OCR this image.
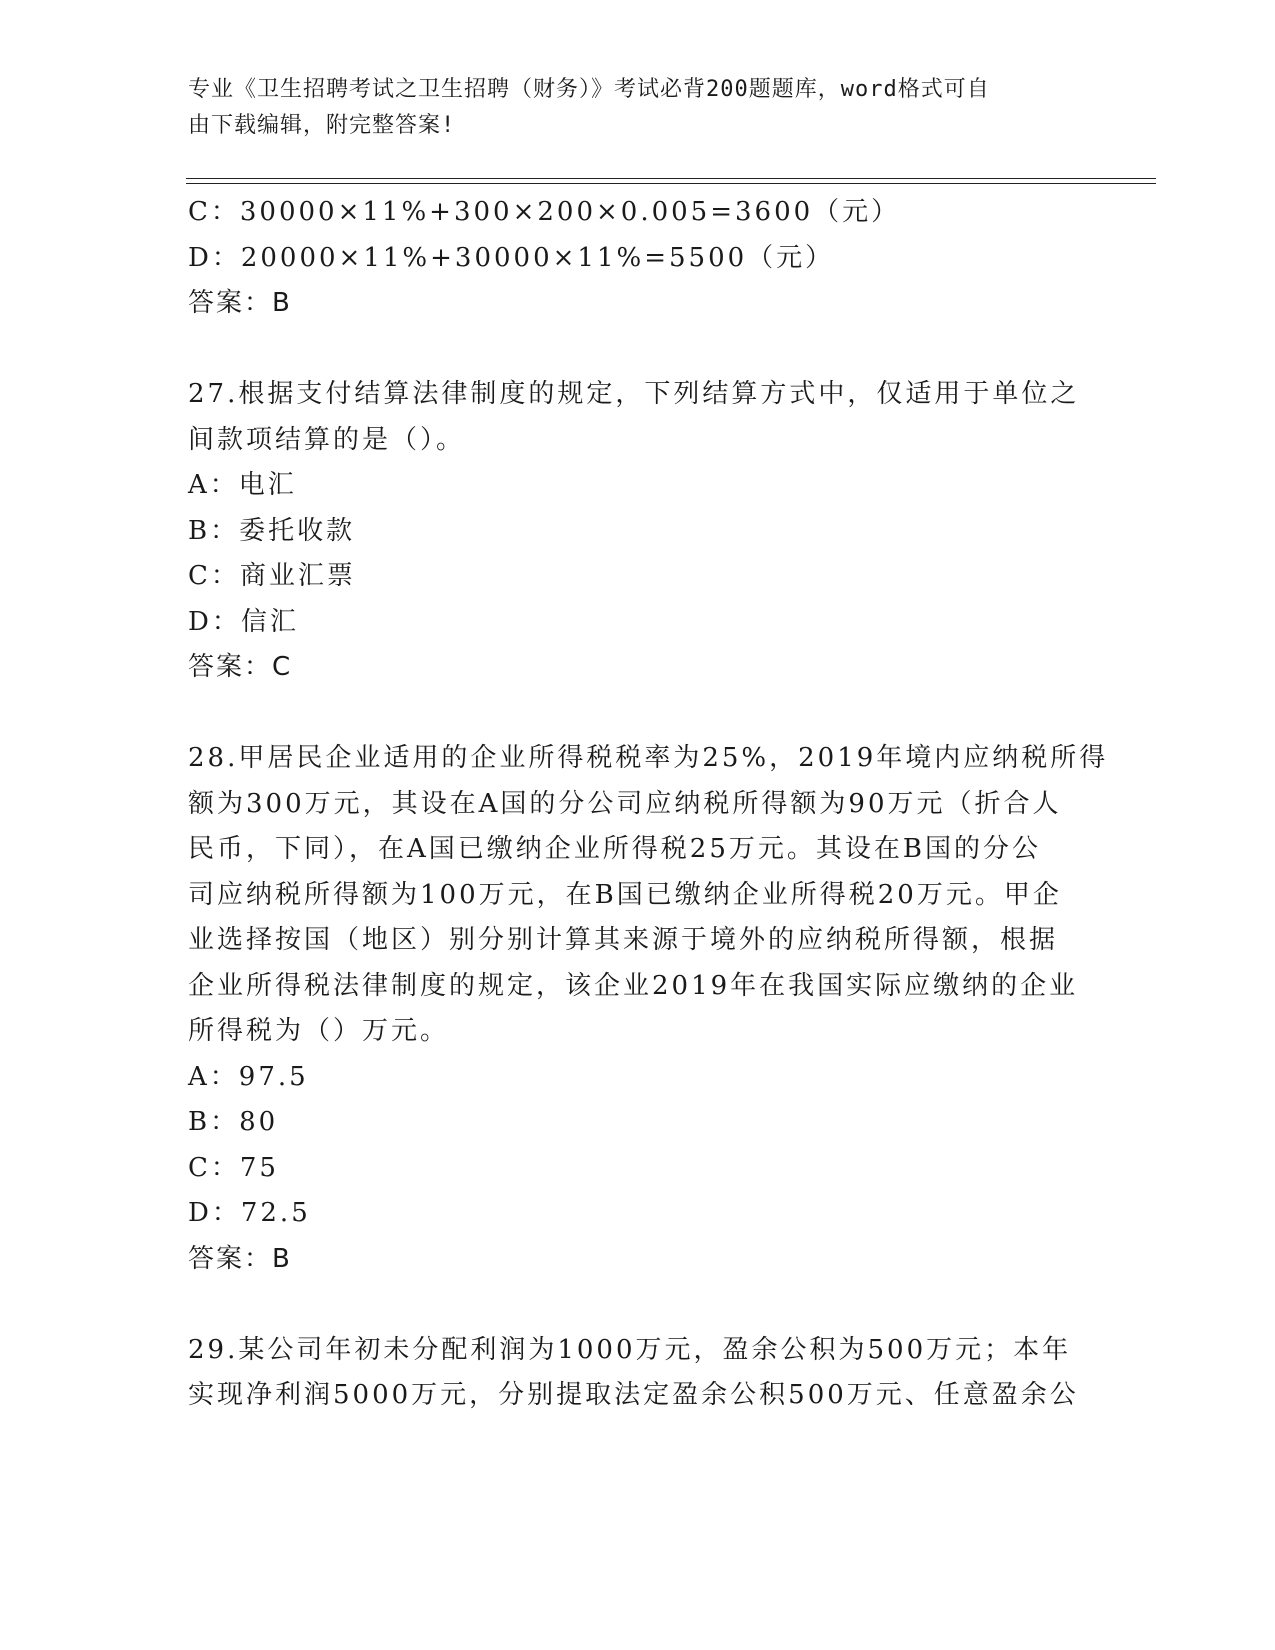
专业《卫生招聘考试之卫生招聘（财务）》考试必背200题题库，word格式可自
由下载编辑，附完整答案!
C：30000×11%+300×200×0.005=3600（元）
D：20000×11%+30000×11%=5500（元）
答案：B
27.根据支付结算法律制度的规定，下列结算方式中，仅适用于单位之
间款项结算的是（）。
A：电汇
B：委托收款
C：商业汇票
D：信汇
答案：C
28.甲居民企业适用的企业所得税税率为25%，2019年境内应纳税所得
额为300万元，其设在A国的分公司应纳税所得额为90万元（折合人
民币，下同），在A国已缴纳企业所得税25万元。其设在B国的分公
司应纳税所得额为100万元，在B国已缴纳企业所得税20万元。甲企
业选择按国（地区）别分别计算其来源于境外的应纳税所得额，根据
企业所得税法律制度的规定，该企业2019年在我国实际应缴纳的企业
所得税为（）万元。
A：97.5
B：80
C：75
D：72.5
答案：B
29.某公司年初未分配利润为1000万元，盈余公积为500万元；本年
实现净利润5000万元，分别提取法定盈余公积500万元、任意盈余公
